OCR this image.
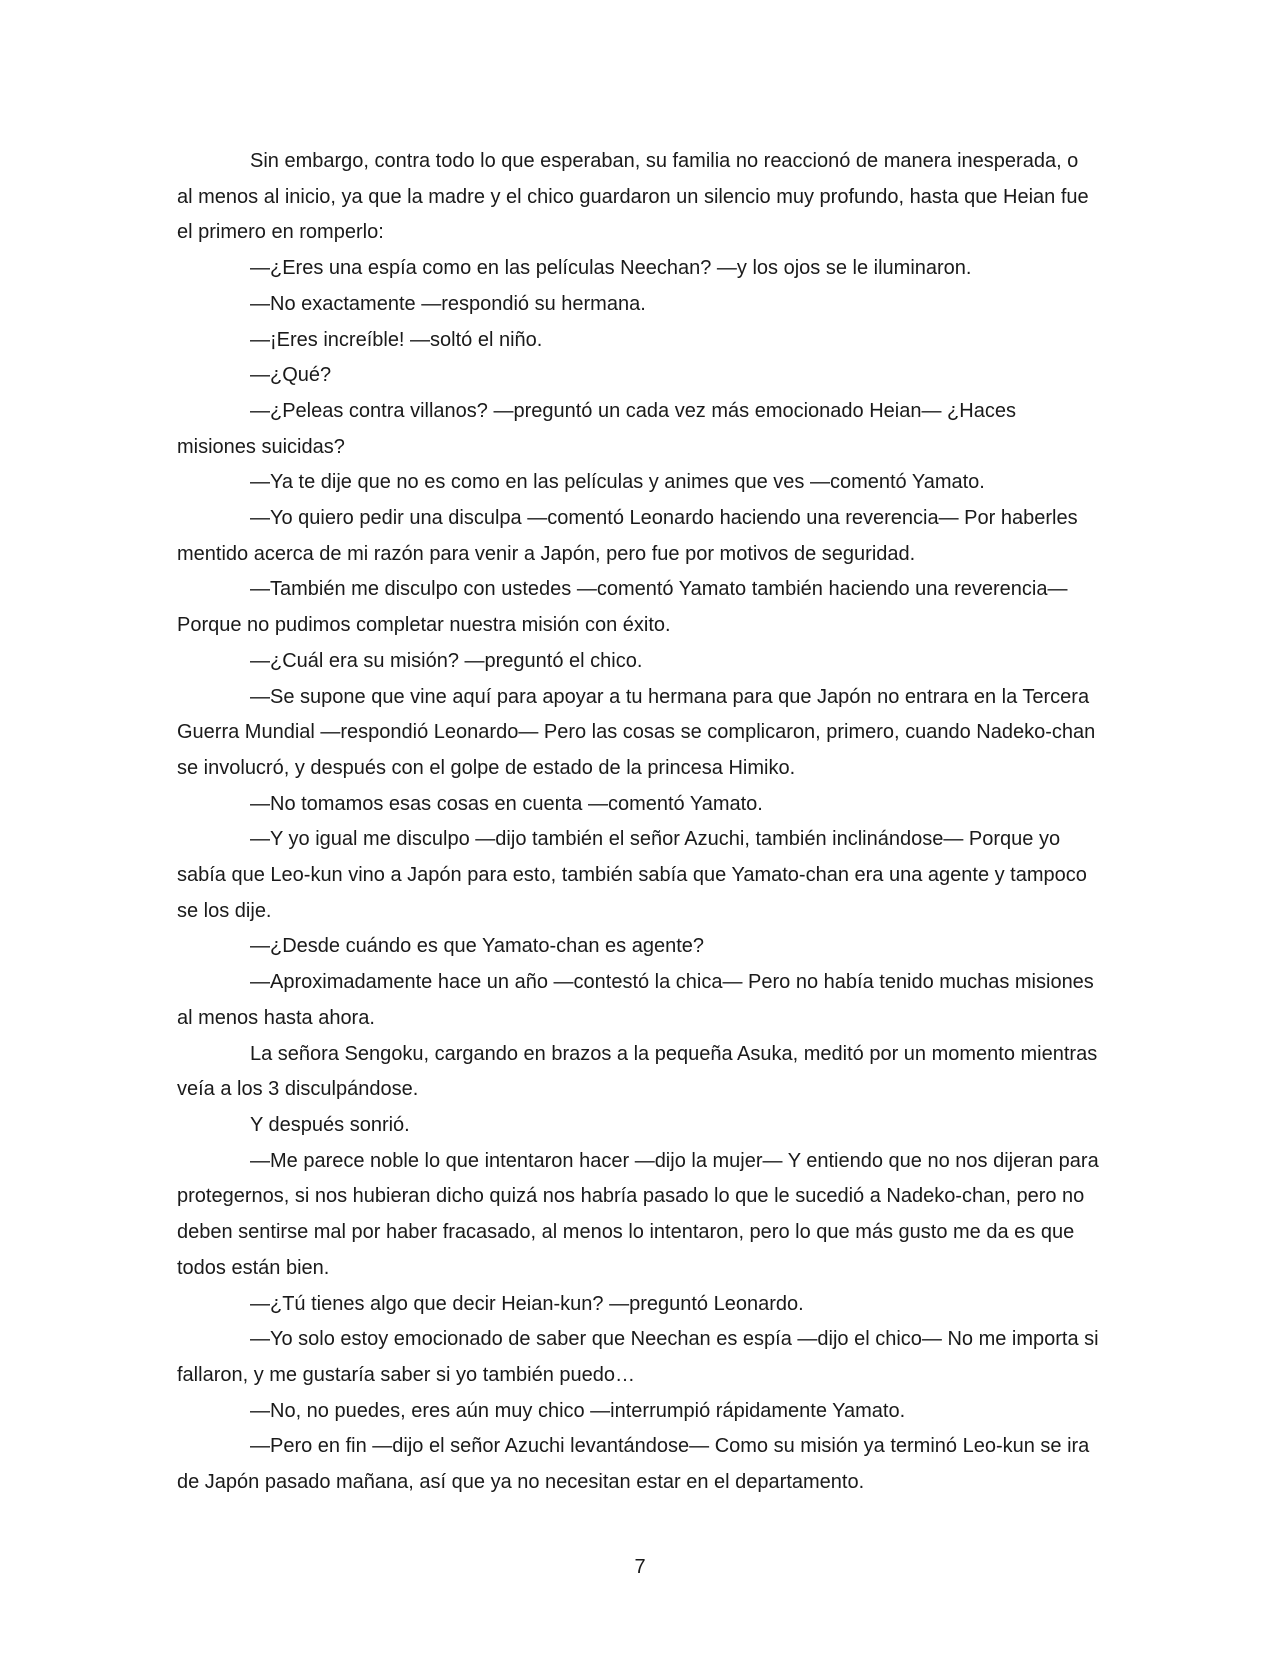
Sin embargo, contra todo lo que esperaban, su familia no reaccionó de manera inesperada, o al menos al inicio, ya que la madre y el chico guardaron un silencio muy profundo, hasta que Heian fue el primero en romperlo:

—¿Eres una espía como en las películas Neechan? —y los ojos se le iluminaron.

—No exactamente —respondió su hermana.

—¡Eres increíble! —soltó el niño.

—¿Qué?

—¿Peleas contra villanos? —preguntó un cada vez más emocionado Heian— ¿Haces misiones suicidas?

—Ya te dije que no es como en las películas y animes que ves —comentó Yamato.

—Yo quiero pedir una disculpa —comentó Leonardo haciendo una reverencia— Por haberles mentido acerca de mi razón para venir a Japón, pero fue por motivos de seguridad.

—También me disculpo con ustedes —comentó Yamato también haciendo una reverencia— Porque no pudimos completar nuestra misión con éxito.

—¿Cuál era su misión? —preguntó el chico.

—Se supone que vine aquí para apoyar a tu hermana para que Japón no entrara en la Tercera Guerra Mundial —respondió Leonardo— Pero las cosas se complicaron, primero, cuando Nadeko-chan se involucró, y después con el golpe de estado de la princesa Himiko.

—No tomamos esas cosas en cuenta —comentó Yamato.

—Y yo igual me disculpo —dijo también el señor Azuchi, también inclinándose— Porque yo sabía que Leo-kun vino a Japón para esto, también sabía que Yamato-chan era una agente y tampoco se los dije.

—¿Desde cuándo es que Yamato-chan es agente?

—Aproximadamente hace un año —contestó la chica— Pero no había tenido muchas misiones al menos hasta ahora.

La señora Sengoku, cargando en brazos a la pequeña Asuka, meditó por un momento mientras veía a los 3 disculpándose.

Y después sonrió.

—Me parece noble lo que intentaron hacer —dijo la mujer— Y entiendo que no nos dijeran para protegernos, si nos hubieran dicho quizá nos habría pasado lo que le sucedió a Nadeko-chan, pero no deben sentirse mal por haber fracasado, al menos lo intentaron, pero lo que más gusto me da es que todos están bien.

—¿Tú tienes algo que decir Heian-kun? —preguntó Leonardo.

—Yo solo estoy emocionado de saber que Neechan es espía —dijo el chico— No me importa si fallaron, y me gustaría saber si yo también puedo…

—No, no puedes, eres aún muy chico —interrumpió rápidamente Yamato.

—Pero en fin —dijo el señor Azuchi levantándose— Como su misión ya terminó Leo-kun se ira de Japón pasado mañana, así que ya no necesitan estar en el departamento.

7
